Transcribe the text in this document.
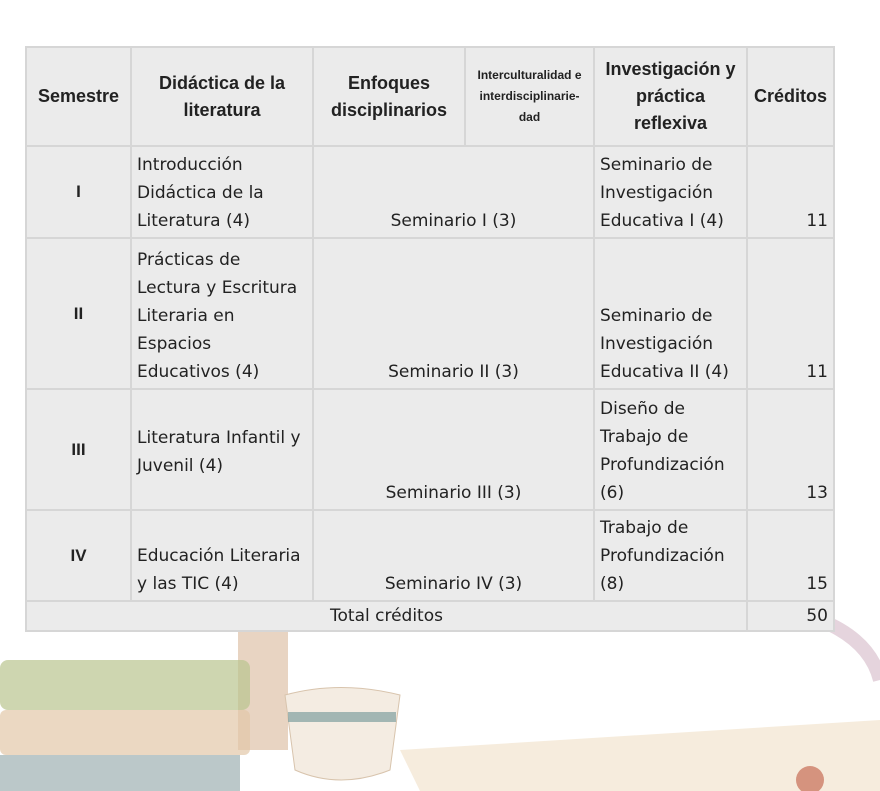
Semestre	Didáctica de la literatura	Enfoques disciplinarios	Interculturalidad e interdisciplinarie-dad	Investigación y práctica reflexiva	Créditos
I	Introducción Didáctica de la Literatura (4)	Seminario I (3)		Seminario de Investigación Educativa I (4)	11
II	Prácticas de Lectura y Escritura Literaria en Espacios Educativos (4)	Seminario II (3)		Seminario de Investigación Educativa II (4)	11
III	Literatura Infantil y Juvenil (4)	Seminario III (3)		Diseño de Trabajo de Profundización (6)	13
IV	Educación Literaria y las TIC (4)	Seminario IV (3)		Trabajo de Profundización (8)	15
Total créditos					50
